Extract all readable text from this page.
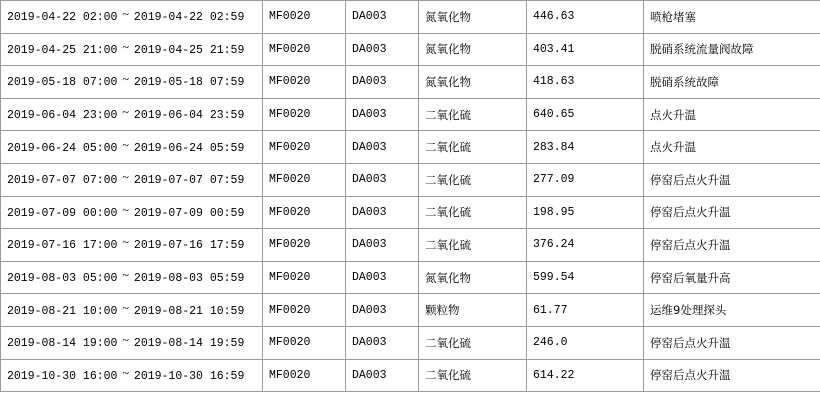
2019-04-22 02:00 ~ 2019-04-22 02:59	MF0020	DA003	氮氧化物	446.63	喷枪堵塞
2019-04-25 21:00 ~ 2019-04-25 21:59	MF0020	DA003	氮氧化物	403.41	脱硝系统流量阀故障
2019-05-18 07:00 ~ 2019-05-18 07:59	MF0020	DA003	氮氧化物	418.63	脱硝系统故障
2019-06-04 23:00 ~ 2019-06-04 23:59	MF0020	DA003	二氧化硫	640.65	点火升温
2019-06-24 05:00 ~ 2019-06-24 05:59	MF0020	DA003	二氧化硫	283.84	点火升温
2019-07-07 07:00 ~ 2019-07-07 07:59	MF0020	DA003	二氧化硫	277.09	停窑后点火升温
2019-07-09 00:00 ~ 2019-07-09 00:59	MF0020	DA003	二氧化硫	198.95	停窑后点火升温
2019-07-16 17:00 ~ 2019-07-16 17:59	MF0020	DA003	二氧化硫	376.24	停窑后点火升温
2019-08-03 05:00 ~ 2019-08-03 05:59	MF0020	DA003	氮氧化物	599.54	停窑后氧量升高
2019-08-21 10:00 ~ 2019-08-21 10:59	MF0020	DA003	颗粒物	61.77	运维9处理探头
2019-08-14 19:00 ~ 2019-08-14 19:59	MF0020	DA003	二氧化硫	246.0	停窑后点火升温
2019-10-30 16:00 ~ 2019-10-30 16:59	MF0020	DA003	二氧化硫	614.22	停窑后点火升温
